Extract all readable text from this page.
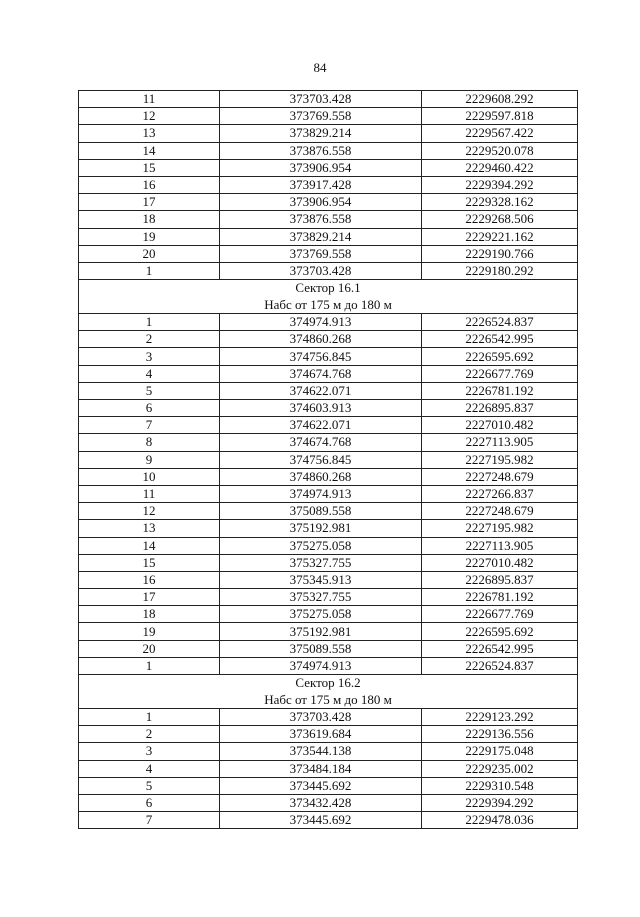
84
11	373703.428	2229608.292
12	373769.558	2229597.818
13	373829.214	2229567.422
14	373876.558	2229520.078
15	373906.954	2229460.422
16	373917.428	2229394.292
17	373906.954	2229328.162
18	373876.558	2229268.506
19	373829.214	2229221.162
20	373769.558	2229190.766
1	373703.428	2229180.292

Сектор 16.1
Набс от 175 м до 180 м		

1	374974.913	2226524.837
2	374860.268	2226542.995
3	374756.845	2226595.692
4	374674.768	2226677.769
5	374622.071	2226781.192
6	374603.913	2226895.837
7	374622.071	2227010.482
8	374674.768	2227113.905
9	374756.845	2227195.982
10	374860.268	2227248.679
11	374974.913	2227266.837
12	375089.558	2227248.679
13	375192.981	2227195.982
14	375275.058	2227113.905
15	375327.755	2227010.482
16	375345.913	2226895.837
17	375327.755	2226781.192
18	375275.058	2226677.769
19	375192.981	2226595.692
20	375089.558	2226542.995
1	374974.913	2226524.837

Сектор 16.2
Набс от 175 м до 180 м		

1	373703.428	2229123.292
2	373619.684	2229136.556
3	373544.138	2229175.048
4	373484.184	2229235.002
5	373445.692	2229310.548
6	373432.428	2229394.292
7	373445.692	2229478.036
